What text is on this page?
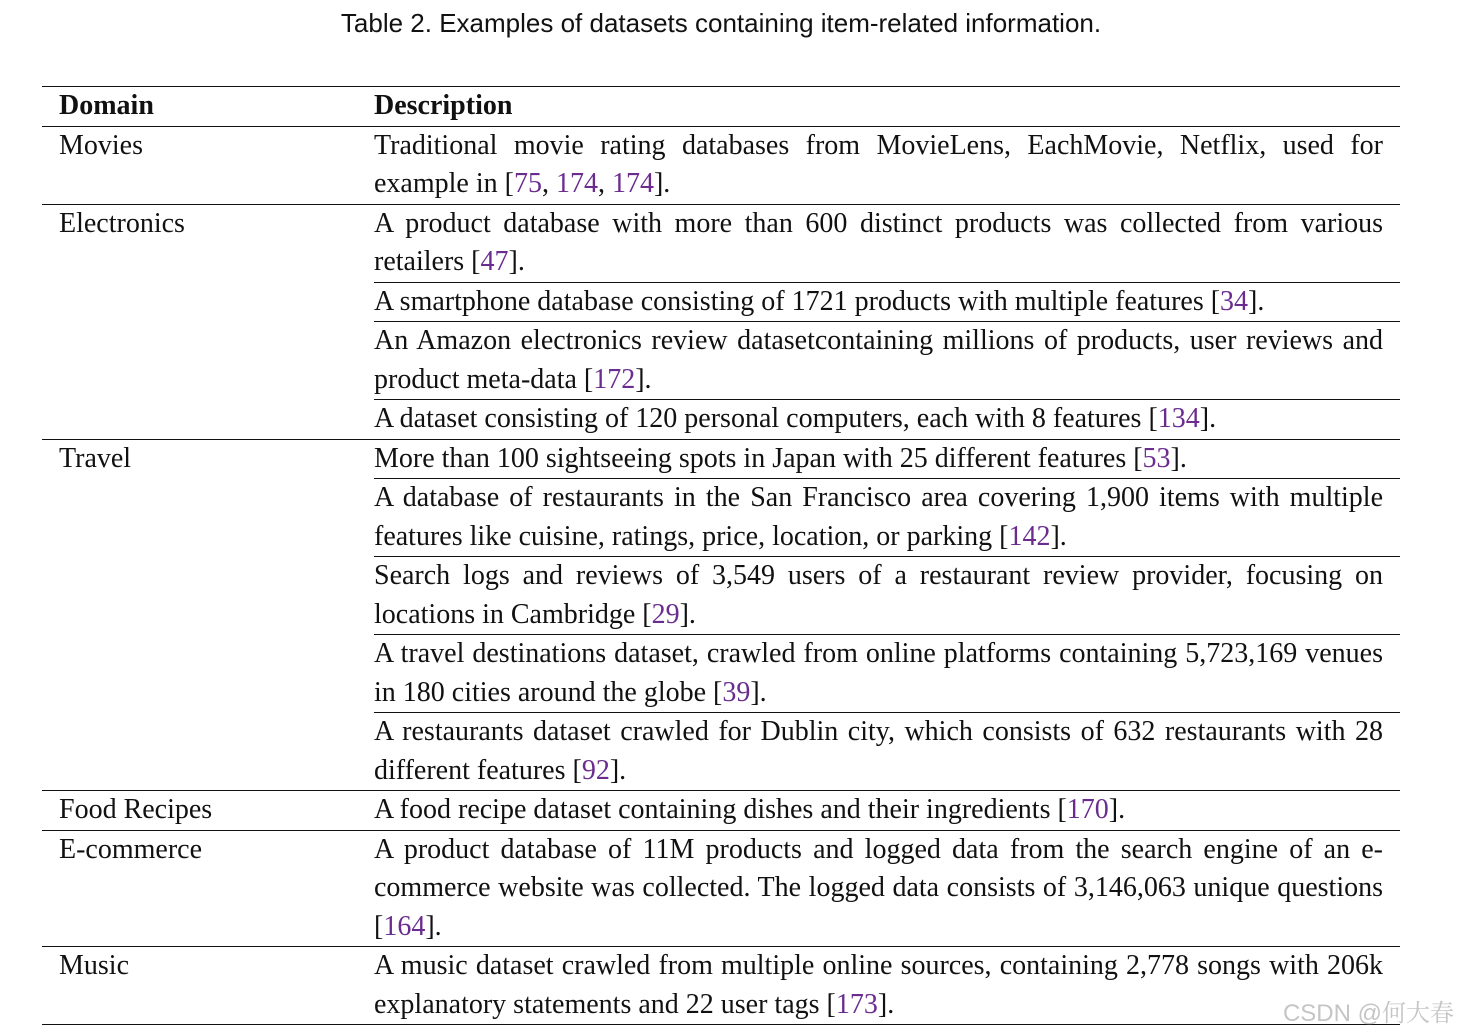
Table 2. Examples of datasets containing item-related information.
Domain	Description
Movies	Traditional movie rating databases from MovieLens, EachMovie, Netflix, used for example in [75, 174, 174].
Electronics	A product database with more than 600 distinct products was collected from various retailers [47].
	A smartphone database consisting of 1721 products with multiple features [34].
	An Amazon electronics review datasetcontaining millions of products, user reviews and product meta-data [172].
	A dataset consisting of 120 personal computers, each with 8 features [134].
Travel	More than 100 sightseeing spots in Japan with 25 different features [53].
	A database of restaurants in the San Francisco area covering 1,900 items with multiple features like cuisine, ratings, price, location, or parking [142].
	Search logs and reviews of 3,549 users of a restaurant review provider, focusing on locations in Cambridge [29].
	A travel destinations dataset, crawled from online platforms containing 5,723,169 venues in 180 cities around the globe [39].
	A restaurants dataset crawled for Dublin city, which consists of 632 restaurants with 28 different features [92].
Food Recipes	A food recipe dataset containing dishes and their ingredients [170].
E-commerce	A product database of 11M products and logged data from the search engine of an e-commerce website was collected. The logged data consists of 3,146,063 unique questions [164].
Music	A music dataset crawled from multiple online sources, containing 2,778 songs with 206k explanatory statements and 22 user tags [173].	CSDN @何大春
